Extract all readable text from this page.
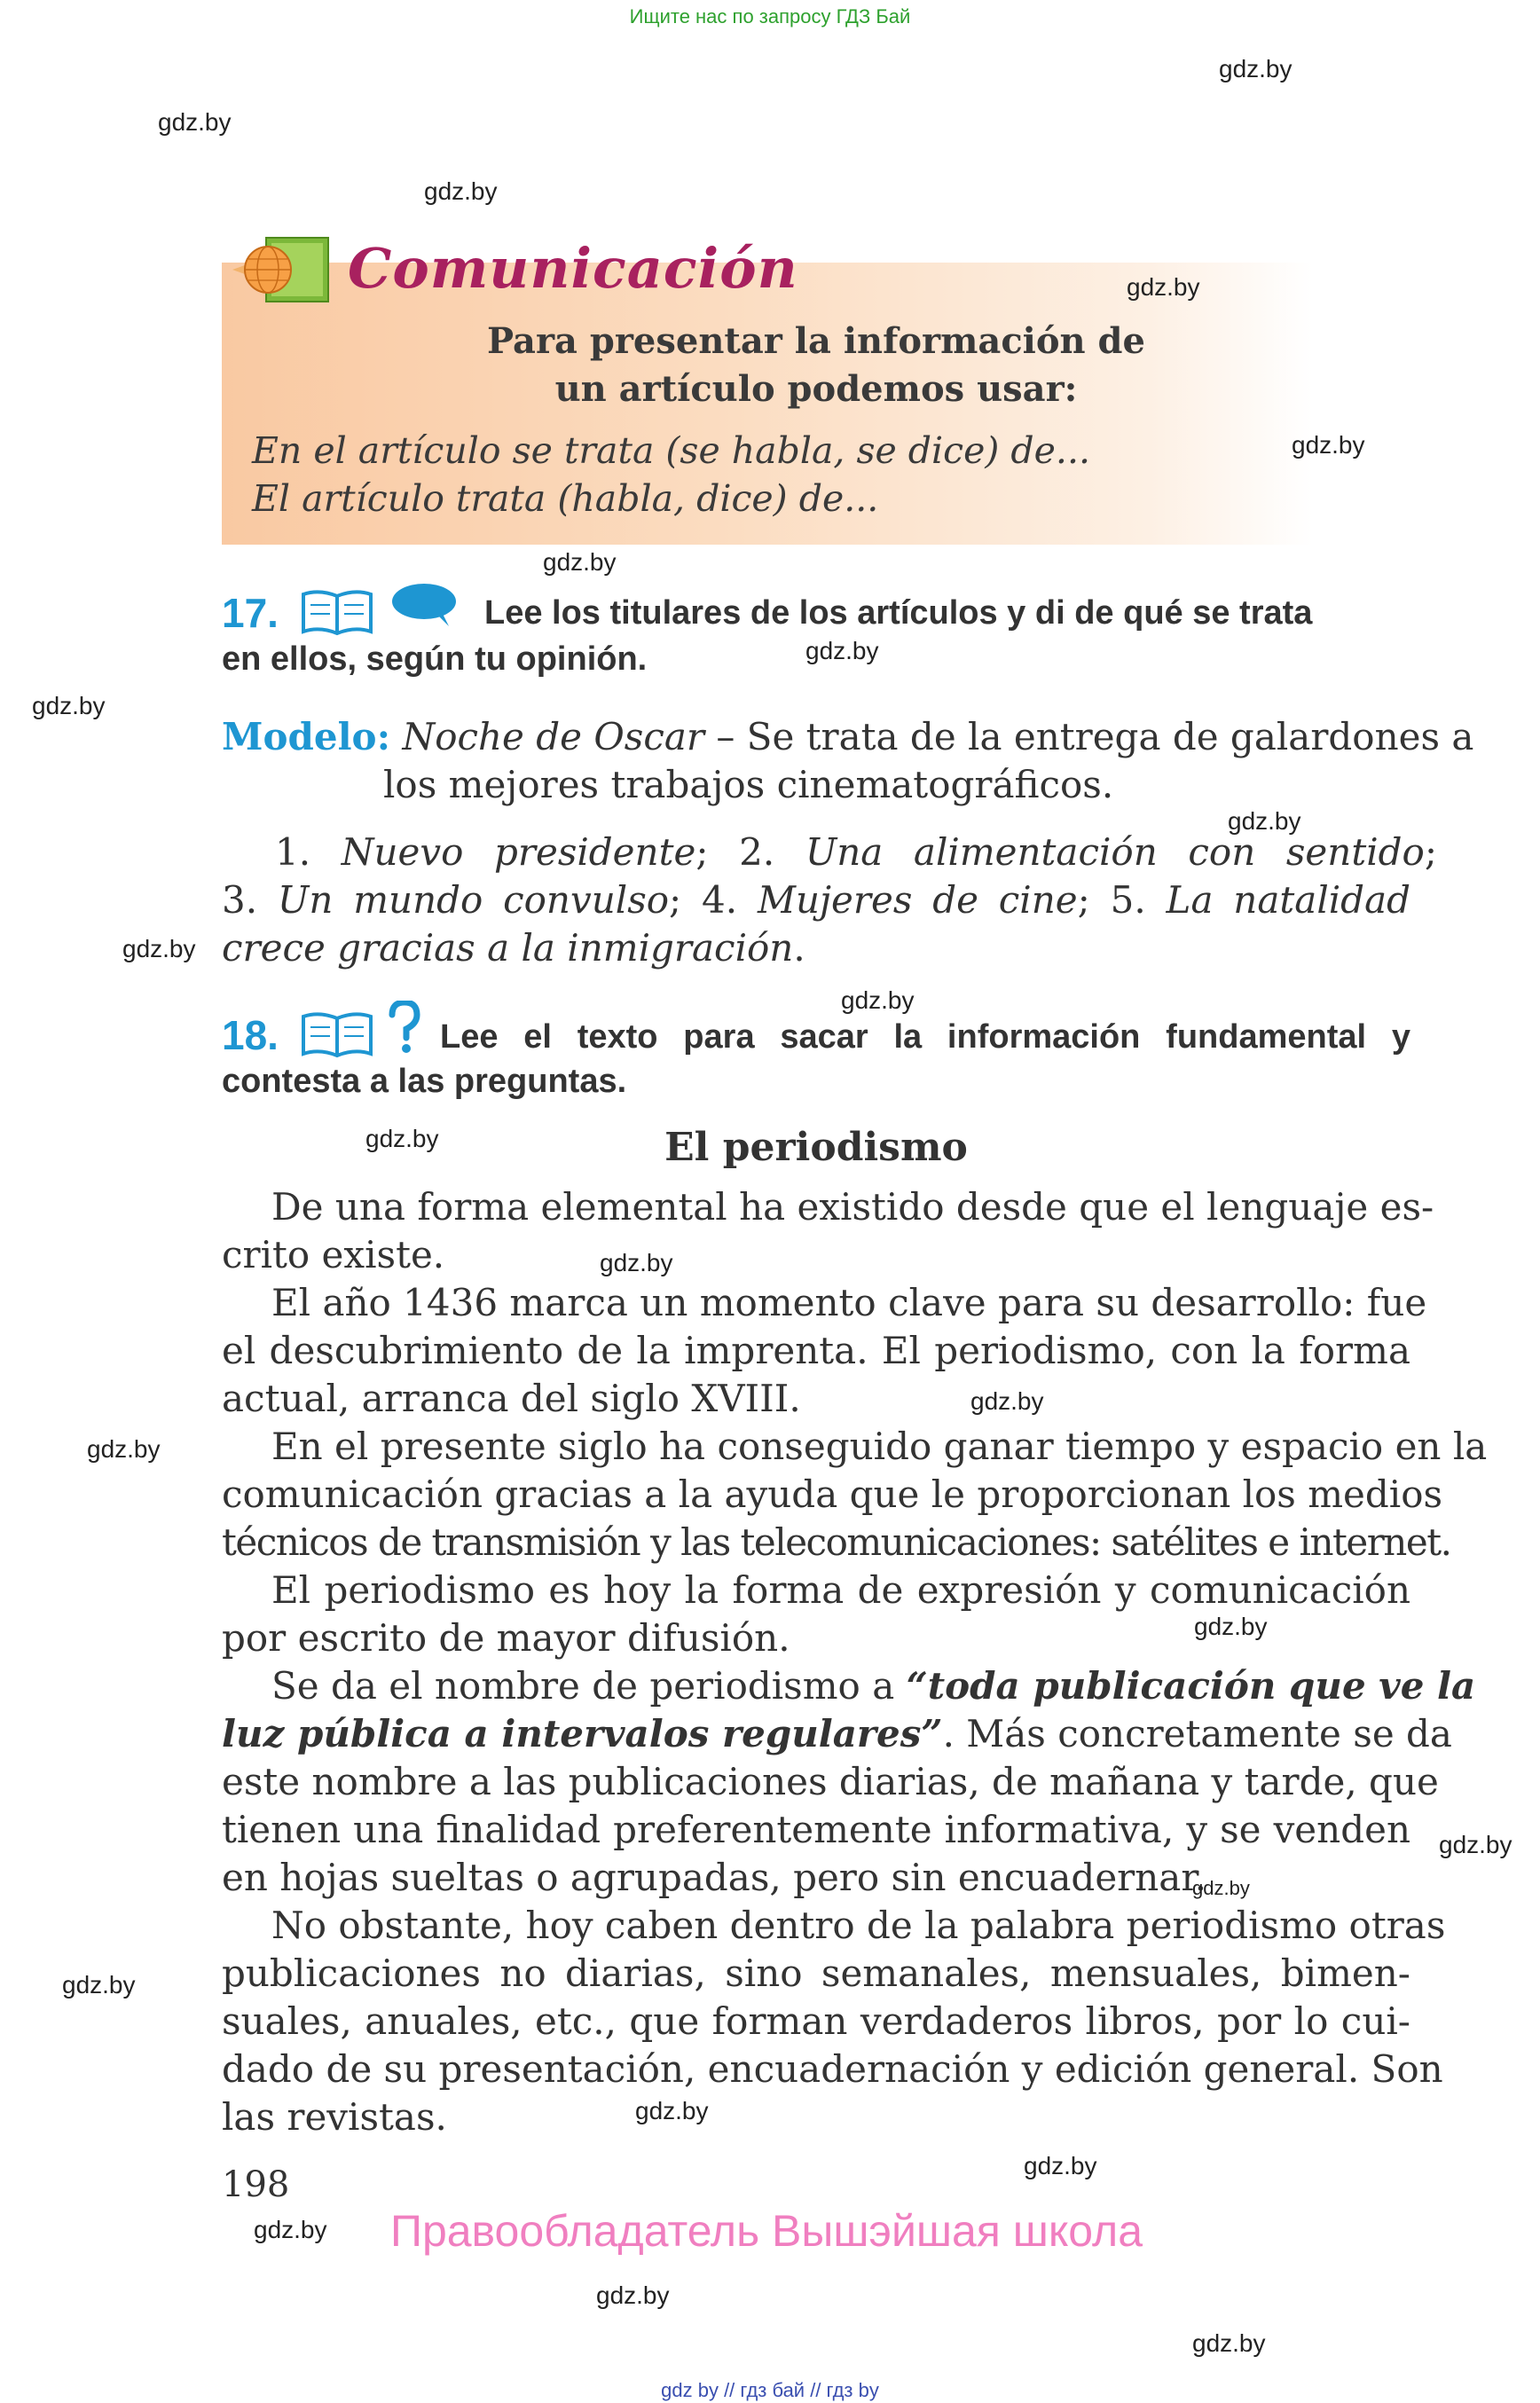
Ищите нас по запросу ГДЗ Бай
Comunicación
Para presentar la información de
un artículo podemos usar:
En el artículo se trata (se habla, se dice) de...
El artículo trata (habla, dice) de...
17.	Lee los titulares de los artículos y di de qué se trata
en ellos, según tu opinión.
Modelo: Noche de Oscar – Se trata de la entrega de galardones a
los mejores trabajos cinematográficos.
1. Nuevo presidente; 2. Una alimentación con sentido;
3. Un mundo convulso; 4. Mujeres de cine; 5. La natalidad
crece gracias a la inmigración.
18.	Lee el texto para sacar la información fundamental y
contesta a las preguntas.
El periodismo
De una forma elemental ha existido desde que el lenguaje es-
crito existe.
El año 1436 marca un momento clave para su desarrollo: fue
el descubrimiento de la imprenta. El periodismo, con la forma
actual, arranca del siglo XVIII.
En el presente siglo ha conseguido ganar tiempo y espacio en la
comunicación gracias a la ayuda que le proporcionan los medios
técnicos de transmisión y las telecomunicaciones: satélites e internet.
El periodismo es hoy la forma de expresión y comunicación
por escrito de mayor difusión.
Se da el nombre de periodismo a “toda publicación que ve la
luz pública a intervalos regulares”. Más concretamente se da
este nombre a las publicaciones diarias, de mañana y tarde, que
tienen una finalidad preferentemente informativa, y se venden
en hojas sueltas o agrupadas, pero sin encuadernar.
No obstante, hoy caben dentro de la palabra periodismo otras
publicaciones no diarias, sino semanales, mensuales, bimen-
suales, anuales, etc., que forman verdaderos libros, por lo cui-
dado de su presentación, encuadernación y edición general. Son
las revistas.
198
Правообладатель Вышэйшая школа
gdz.by
gdz.by
gdz.by
gdz.by
gdz.by
gdz.by
gdz.by
gdz.by
gdz.by
gdz.by
gdz.by
gdz.by
gdz.by
gdz.by
gdz.by
gdz.by
gdz.by
gdz.by
gdz.by
gdz.by
gdz.by
gdz.by
gdz.by
gdz.by
gdz by // гдз бай // гдз by
